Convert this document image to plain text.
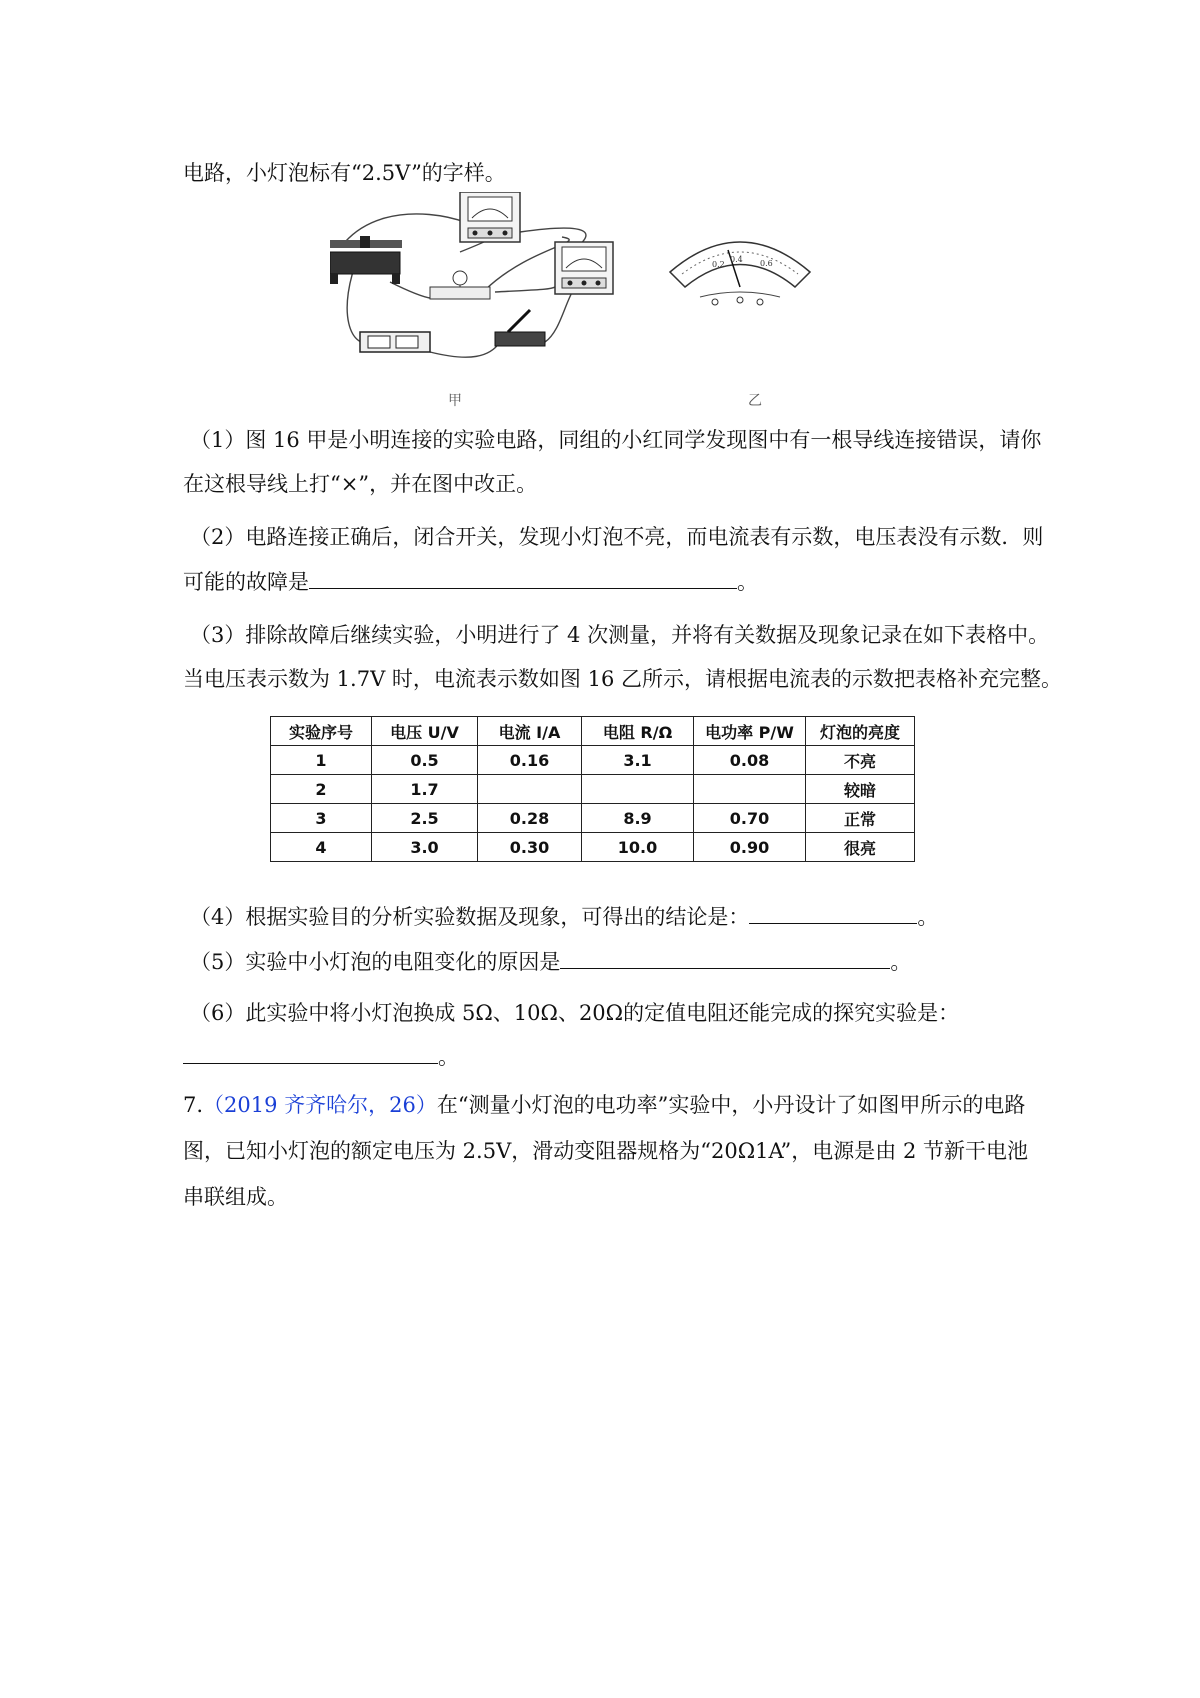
电路，小灯泡标有“2.5V”的字样。
0.2
0.4 0.6
甲	乙
（1）图 16 甲是小明连接的实验电路，同组的小红同学发现图中有一根导线连接错误，请你
在这根导线上打“×”，并在图中改正。
（2）电路连接正确后，闭合开关，发现小灯泡不亮，而电流表有示数，电压表没有示数．则
可能的故障是	。
（3）排除故障后继续实验，小明进行了 4 次测量，并将有关数据及现象记录在如下表格中。
当电压表示数为 1.7V 时，电流表示数如图 16 乙所示，请根据电流表的示数把表格补充完整。
实验序号	电压 U/V	电流 I/A	电阻 R/Ω	电功率 P/W	灯泡的亮度
1	0.5	0.16	3.1	0.08	不亮
2	1.7				较暗
3	2.5	0.28	8.9	0.70	正常
4	3.0	0.30	10.0	0.90	很亮
（4）根据实验目的分析实验数据及现象，可得出的结论是：	。
（5）实验中小灯泡的电阻变化的原因是	。
（6）此实验中将小灯泡换成 5Ω、10Ω、20Ω的定值电阻还能完成的探究实验是：
。
7.（2019 齐齐哈尔，26）在“测量小灯泡的电功率”实验中，小丹设计了如图甲所示的电路
图，已知小灯泡的额定电压为 2.5V，滑动变阻器规格为“20Ω1A”，电源是由 2 节新干电池
串联组成。
